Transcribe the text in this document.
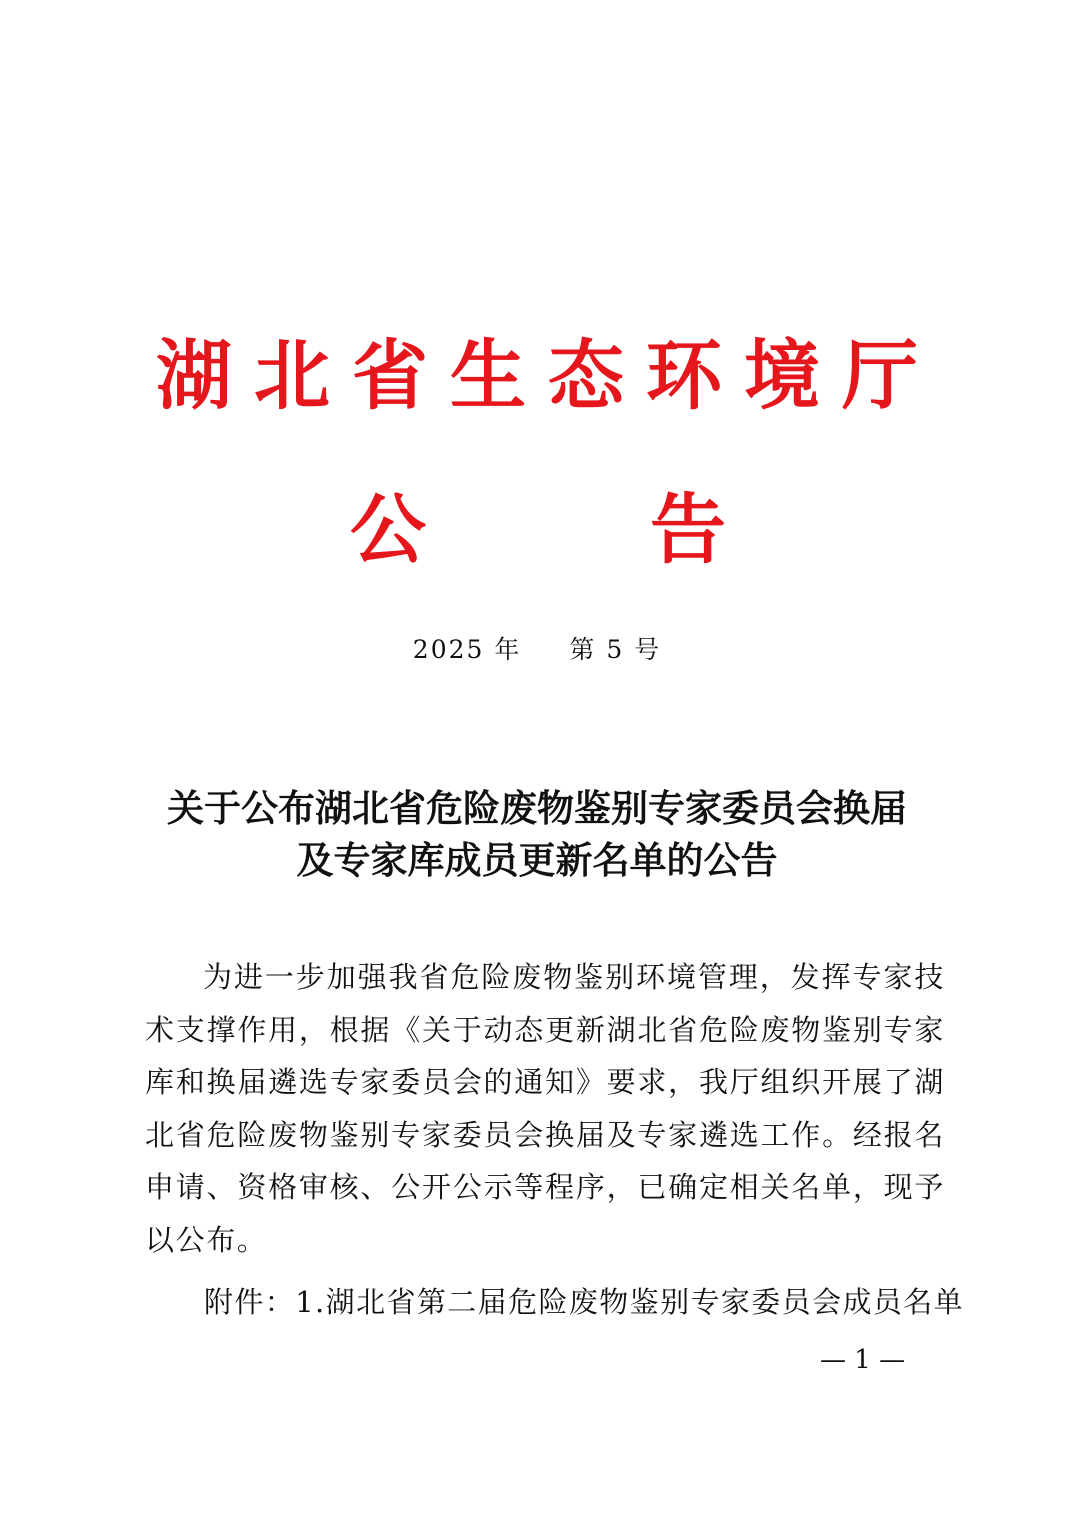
湖北省生态环境厅
公	告
2025 年 第 5 号
关于公布湖北省危险废物鉴别专家委员会换届
及专家库成员更新名单的公告
为进一步加强我省危险废物鉴别环境管理，发挥专家技术支撑作用，根据《关于动态更新湖北省危险废物鉴别专家库和换届遴选专家委员会的通知》要求，我厅组织开展了湖北省危险废物鉴别专家委员会换届及专家遴选工作。经报名申请、资格审核、公开公示等程序，已确定相关名单，现予以公布。
附件：1.湖北省第二届危险废物鉴别专家委员会成员名单
— 1 —
